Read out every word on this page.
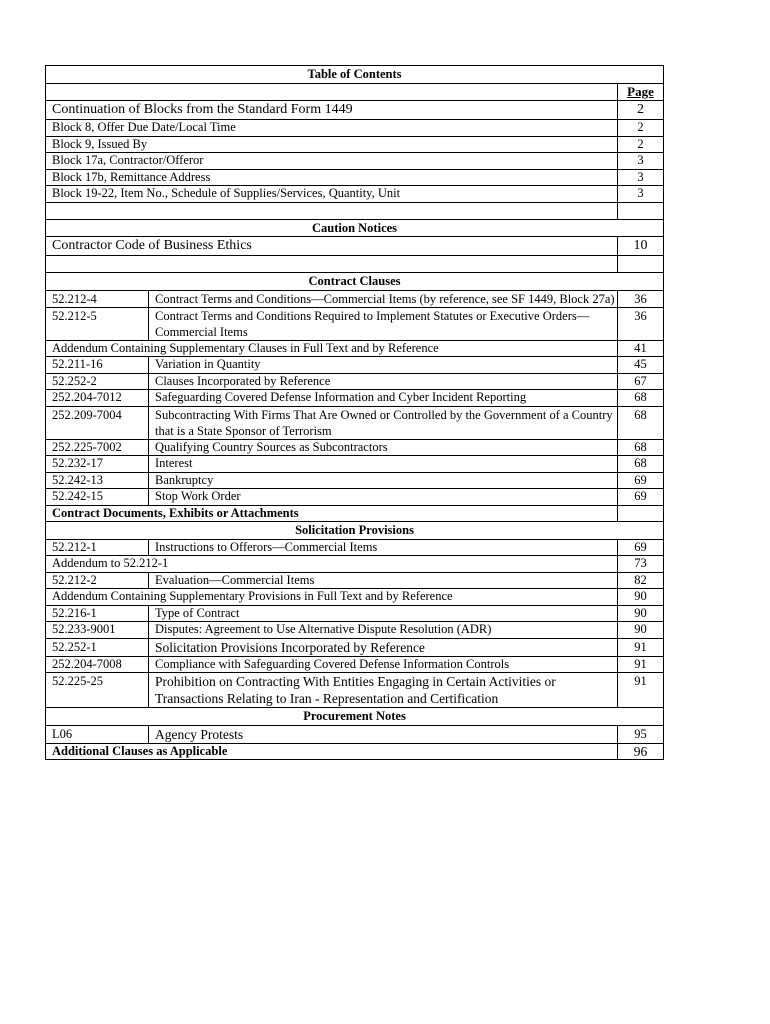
Table of Contents		
		Page
Continuation of Blocks from the Standard Form 1449		2
Block 8, Offer Due Date/Local Time		2
Block 9, Issued By		2
Block 17a, Contractor/Offeror		3
Block 17b, Remittance Address		3
Block 19-22, Item No., Schedule of Supplies/Services, Quantity, Unit		3

Caution Notices		
Contractor Code of Business Ethics		10

Contract Clauses		
52.212-4	Contract Terms and Conditions—Commercial Items (by reference, see SF 1449, Block 27a)	36
52.212-5	Contract Terms and Conditions Required to Implement Statutes or Executive Orders—Commercial Items	36
Addendum Containing Supplementary Clauses in Full Text and by Reference		41
52.211-16	Variation in Quantity	45
52.252-2	Clauses Incorporated by Reference	67
252.204-7012	Safeguarding Covered Defense Information and Cyber Incident Reporting	68
252.209-7004	Subcontracting With Firms That Are Owned or Controlled by the Government of a Country that is a State Sponsor of Terrorism	68
252.225-7002	Qualifying Country Sources as Subcontractors	68
52.232-17	Interest	68
52.242-13	Bankruptcy	69
52.242-15	Stop Work Order	69
Contract Documents, Exhibits or Attachments		
Solicitation Provisions		
52.212-1	Instructions to Offerors—Commercial Items	69
Addendum to 52.212-1		73
52.212-2	Evaluation—Commercial Items	82
Addendum Containing Supplementary Provisions in Full Text and by Reference		90
52.216-1	Type of Contract	90
52.233-9001	Disputes: Agreement to Use Alternative Dispute Resolution (ADR)	90
52.252-1	Solicitation Provisions Incorporated by Reference	91
252.204-7008	Compliance with Safeguarding Covered Defense Information Controls	91
52.225-25	Prohibition on Contracting With Entities Engaging in Certain Activities or Transactions Relating to Iran - Representation and Certification	91
Procurement Notes		
L06	Agency Protests	95
Additional Clauses as Applicable		96
